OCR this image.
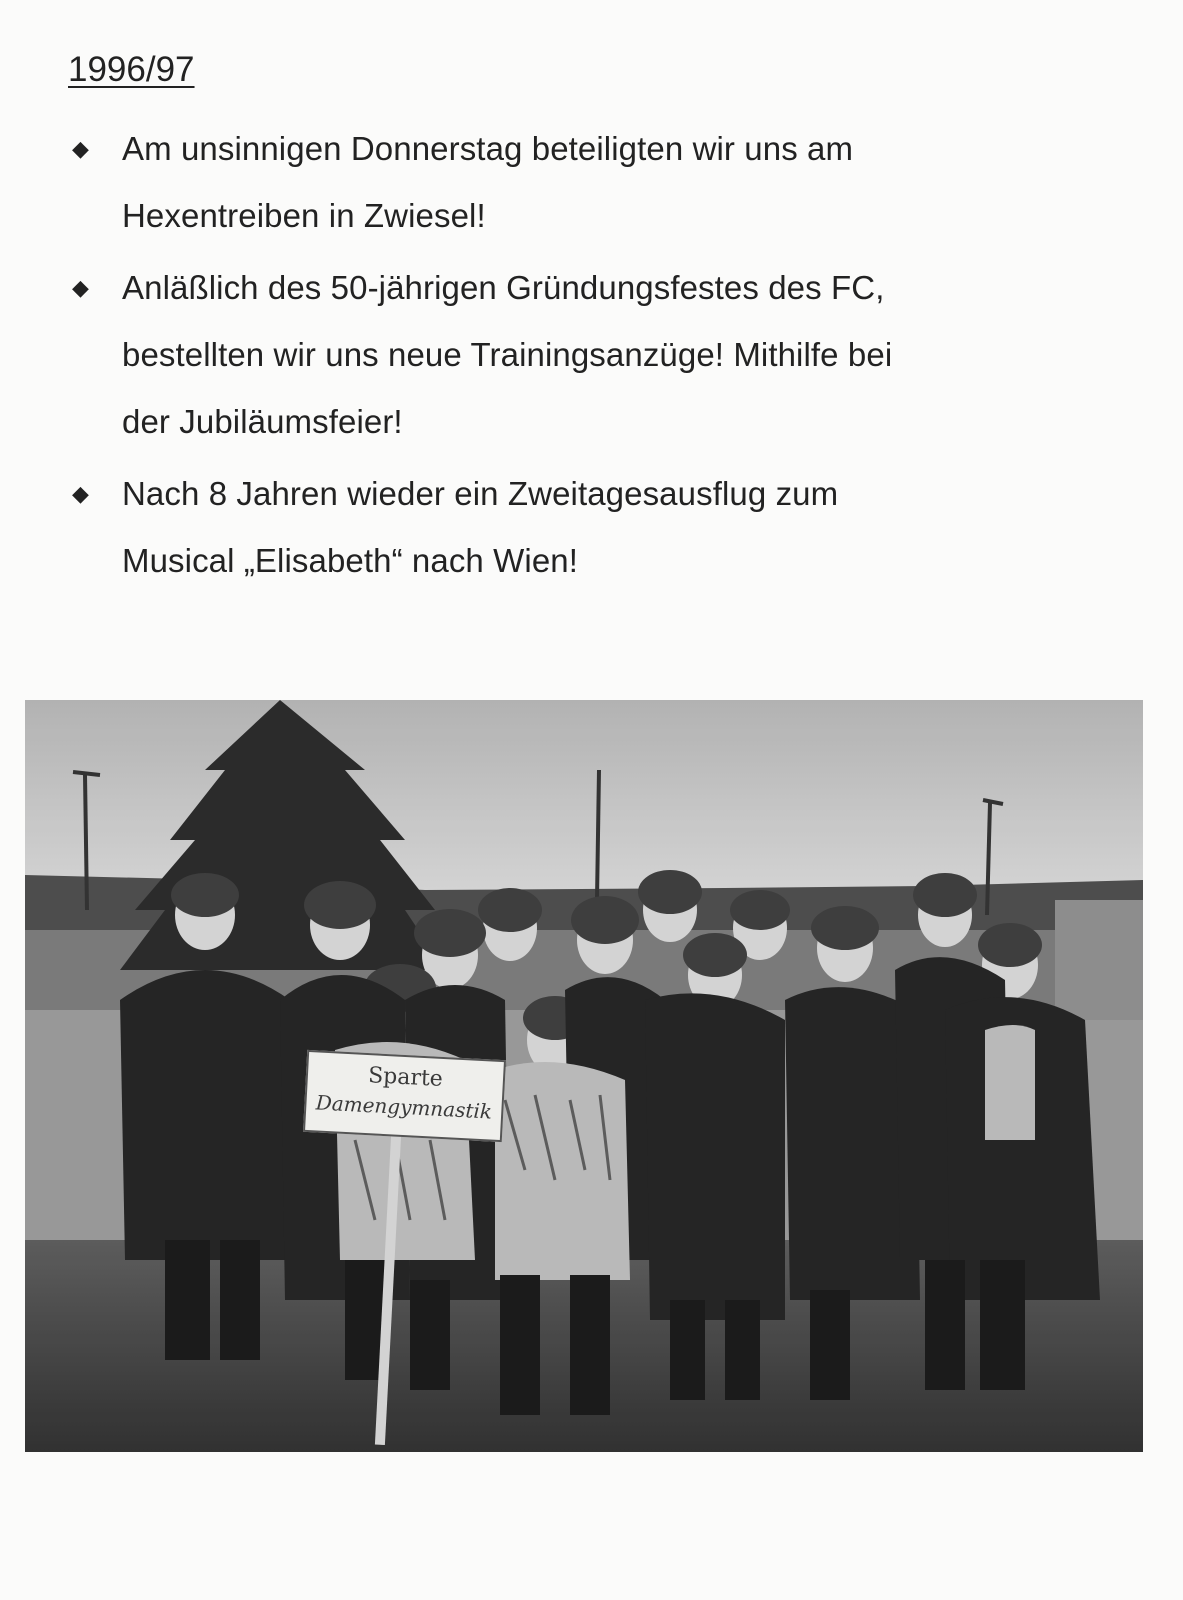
1996/97
◆	Am unsinnigen Donnerstag beteiligten wir uns am
Hexentreiben in Zwiesel!
◆	Anläßlich des 50-jährigen Gründungsfestes des FC,
bestellten wir uns neue Trainingsanzüge! Mithilfe bei
der Jubiläumsfeier!
◆	Nach 8 Jahren wieder ein Zweitagesausflug zum
Musical „Elisabeth“ nach Wien!
Sparte
Damengymnastik
